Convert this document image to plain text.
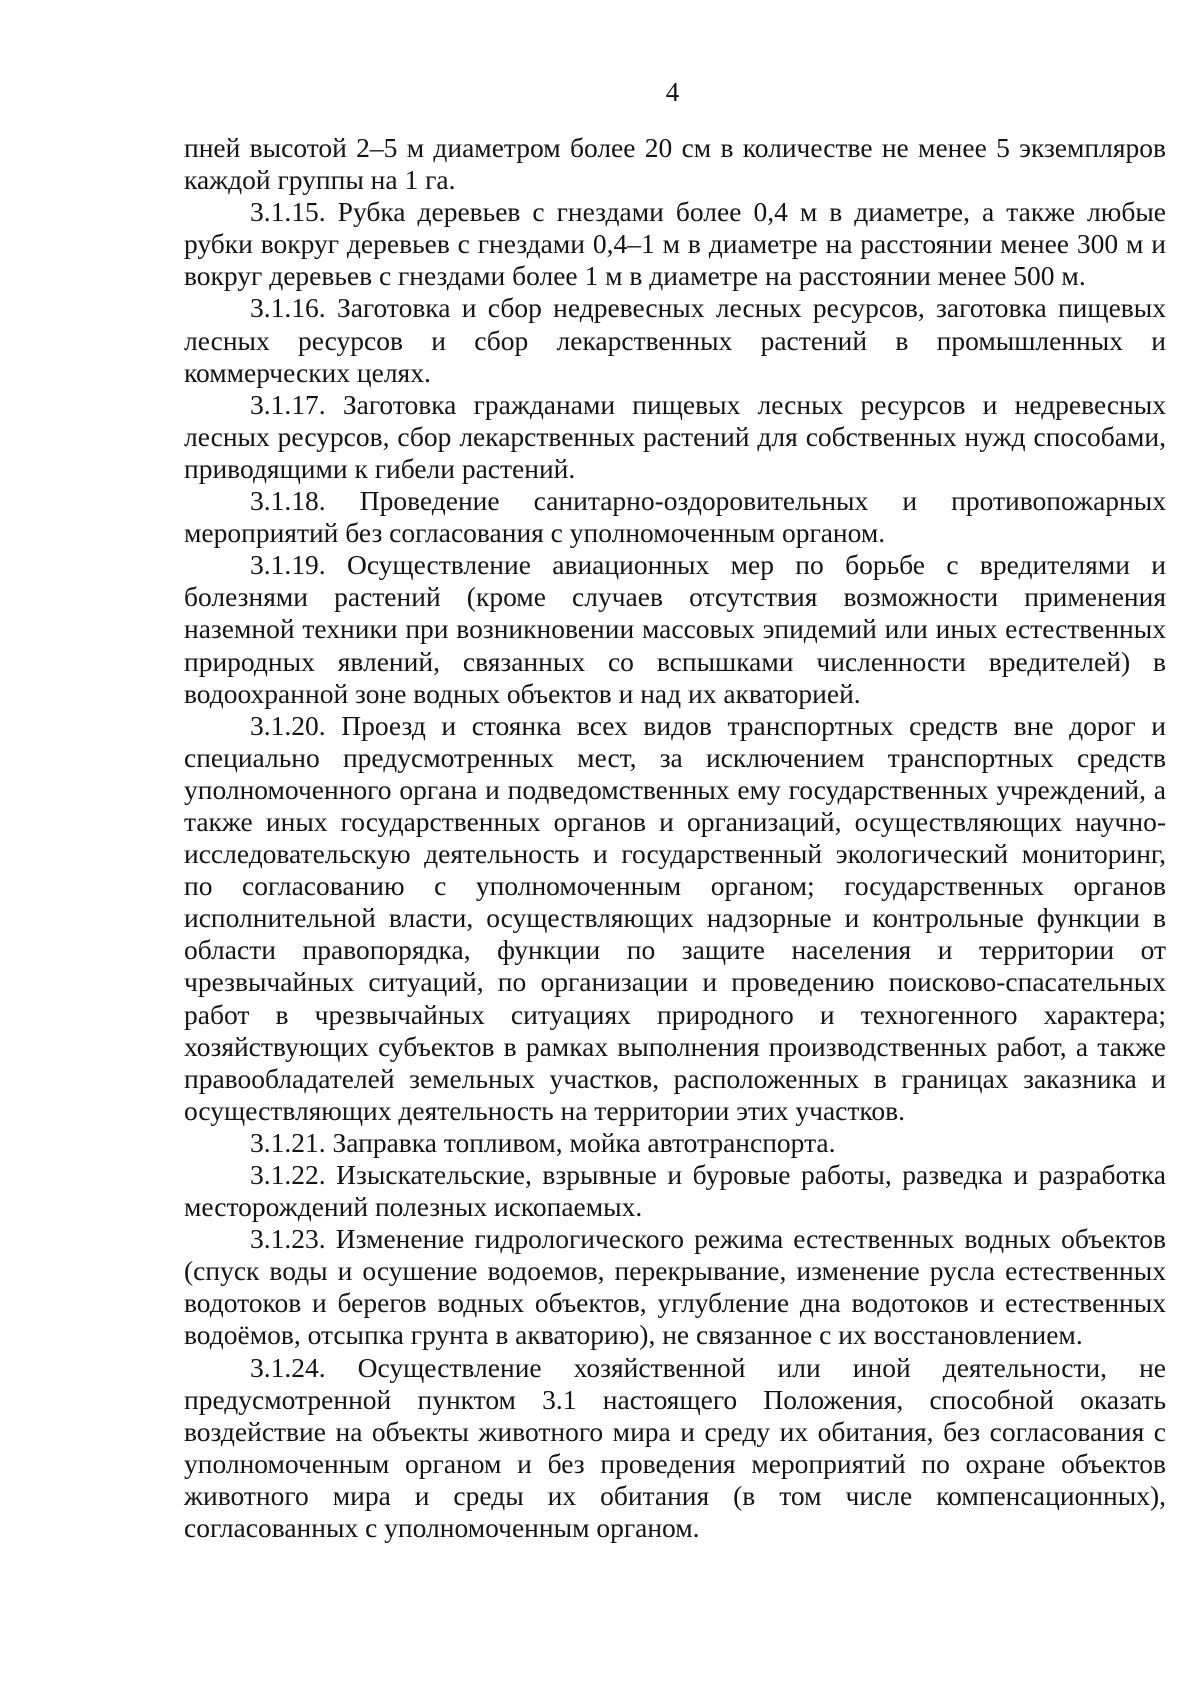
4

пней высотой 2–5 м диаметром более 20 см в количестве не менее 5 экземпляров каждой группы на 1 га.

3.1.15. Рубка деревьев с гнездами более 0,4 м в диаметре, а также любые рубки вокруг деревьев с гнездами 0,4–1 м в диаметре на расстоянии менее 300 м и вокруг деревьев с гнездами более 1 м в диаметре на расстоянии менее 500 м.

3.1.16. Заготовка и сбор недревесных лесных ресурсов, заготовка пищевых лесных ресурсов и сбор лекарственных растений в промышленных и коммерческих целях.

3.1.17. Заготовка гражданами пищевых лесных ресурсов и недревесных лесных ресурсов, сбор лекарственных растений для собственных нужд способами, приводящими к гибели растений.

3.1.18. Проведение санитарно-оздоровительных и противопожарных мероприятий без согласования с уполномоченным органом.

3.1.19. Осуществление авиационных мер по борьбе с вредителями и болезнями растений (кроме случаев отсутствия возможности применения наземной техники при возникновении массовых эпидемий или иных естественных природных явлений, связанных со вспышками численности вредителей) в водоохранной зоне водных объектов и над их акваторией.

3.1.20. Проезд и стоянка всех видов транспортных средств вне дорог и специально предусмотренных мест, за исключением транспортных средств уполномоченного органа и подведомственных ему государственных учреждений, а также иных государственных органов и организаций, осуществляющих научно-исследовательскую деятельность и государственный экологический мониторинг, по согласованию с уполномоченным органом; государственных органов исполнительной власти, осуществляющих надзорные и контрольные функции в области правопорядка, функции по защите населения и территории от чрезвычайных ситуаций, по организации и проведению поисково-спасательных работ в чрезвычайных ситуациях природного и техногенного характера; хозяйствующих субъектов в рамках выполнения производственных работ, а также правообладателей земельных участков, расположенных в границах заказника и осуществляющих деятельность на территории этих участков.

3.1.21. Заправка топливом, мойка автотранспорта.

3.1.22. Изыскательские, взрывные и буровые работы, разведка и разработка месторождений полезных ископаемых.

3.1.23. Изменение гидрологического режима естественных водных объектов (спуск воды и осушение водоемов, перекрывание, изменение русла естественных водотоков и берегов водных объектов, углубление дна водотоков и естественных водоёмов, отсыпка грунта в акваторию), не связанное с их восстановлением.

3.1.24. Осуществление хозяйственной или иной деятельности, не предусмотренной пунктом 3.1 настоящего Положения, способной оказать воздействие на объекты животного мира и среду их обитания, без согласования с уполномоченным органом и без проведения мероприятий по охране объектов животного мира и среды их обитания (в том числе компенсационных), согласованных с уполномоченным органом.
